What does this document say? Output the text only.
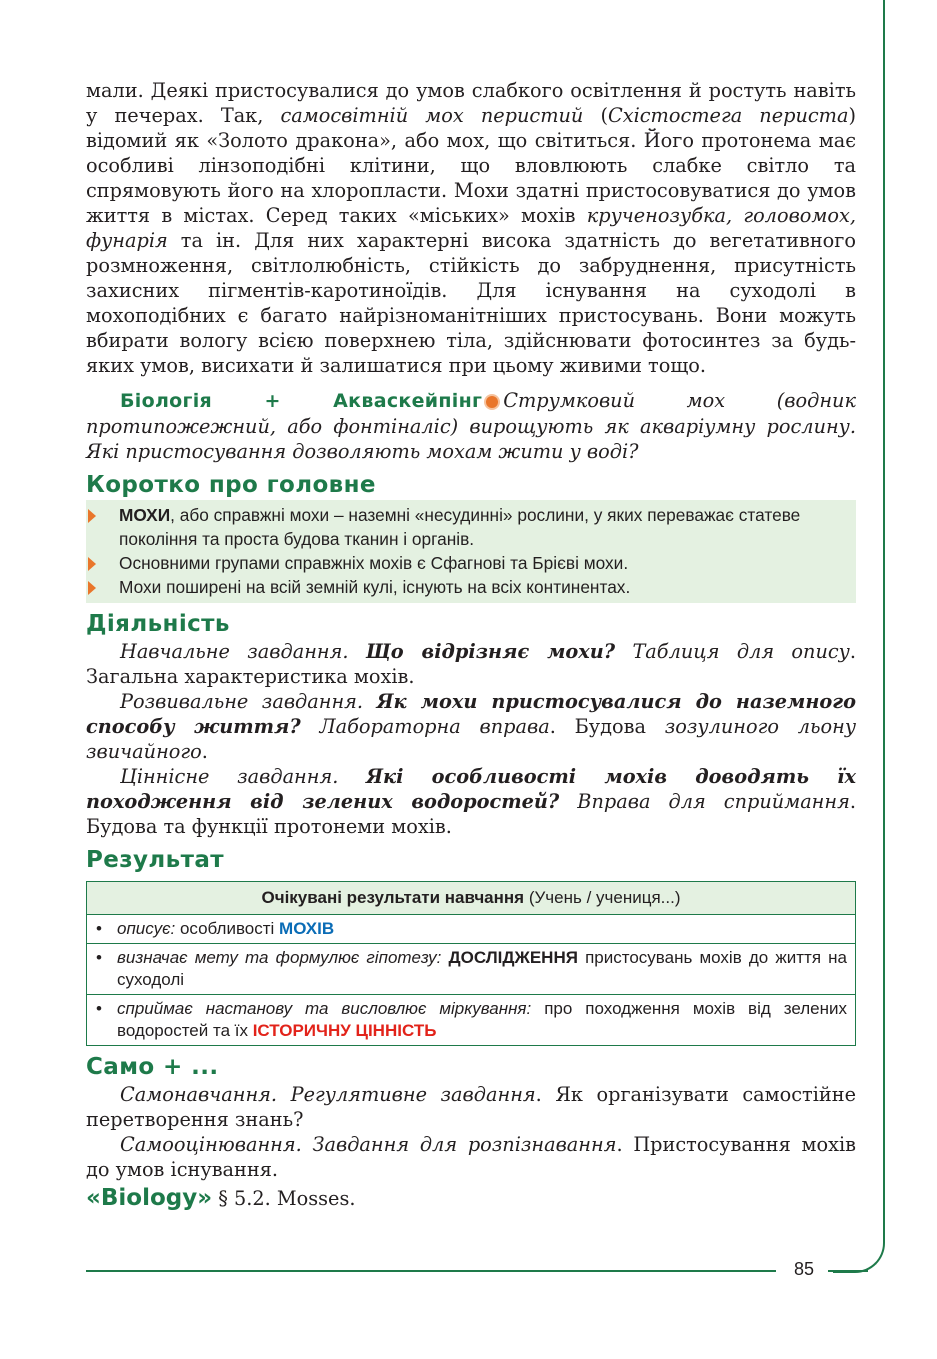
85

мали. Деякі пристосувалися до умов слабкого освітлення й ростуть навіть у печерах. Так, самосвітній мох перистий (Схістостега периста) відомий як «Золото дракона», або мох, що світиться. Його протонема має особливі лінзоподібні клітини, що вловлюють слабке світло та спрямовують його на хлоропласти. Мохи здатні пристосовуватися до умов життя в містах. Серед таких «міських» мохів крученозубка, головомох, фунарія та ін. Для них характерні висока здатність до вегетативного розмноження, світлолюбність, стійкість до забруднення, присутність захисних пігментів-каротиноїдів. Для існування на суходолі в мохоподібних є багато найрізноманітніших пристосувань. Вони можуть вбирати вологу всією поверхнею тіла, здійснювати фотосинтез за будь-яких умов, висихати й залишатися при цьому живими тощо.

Біологія + Акваскейпінг Струмковий мох (водник протипожежний, або фонтіналіс) вирощують як акваріумну рослину. Які пристосування дозволяють мохам жити у воді?

Коротко про головне
МОХИ, або справжні мохи – наземні «несудинні» рослини, у яких переважає статеве покоління та проста будова тканин і органів.
Основними групами справжніх мохів є Сфагнові та Брієві мохи.
Мохи поширені на всій земній кулі, існують на всіх континентах.
Діяльність

Навчальне завдання. Що відрізняє мохи? Таблиця для опису. Загальна характеристика мохів.

Розвивальне завдання. Як мохи пристосувалися до наземного способу життя? Лабораторна вправа. Будова зозулиного льону звичайного.

Ціннісне завдання. Які особливості мохів доводять їх походження від зелених водоростей? Вправа для сприймання. Будова та функції протонеми мохів.

Результат
Очікувані результати навчання (Учень / учениця...)

• описує: особливості МОХІВ

• визначає мету та формулює гіпотезу: ДОСЛІДЖЕННЯ пристосувань мохів до життя на суходолі

• сприймає настанову та висловлює міркування: про походження мохів від зелених водоростей та їх ІСТОРИЧНУ ЦІННІСТЬ
Само + ...

Самонавчання. Регулятивне завдання. Як організувати самостійне перетворення знань?

Самооцінювання. Завдання для розпізнавання. Пристосування мохів до умов існування.

«Biology» § 5.2. Mosses.
